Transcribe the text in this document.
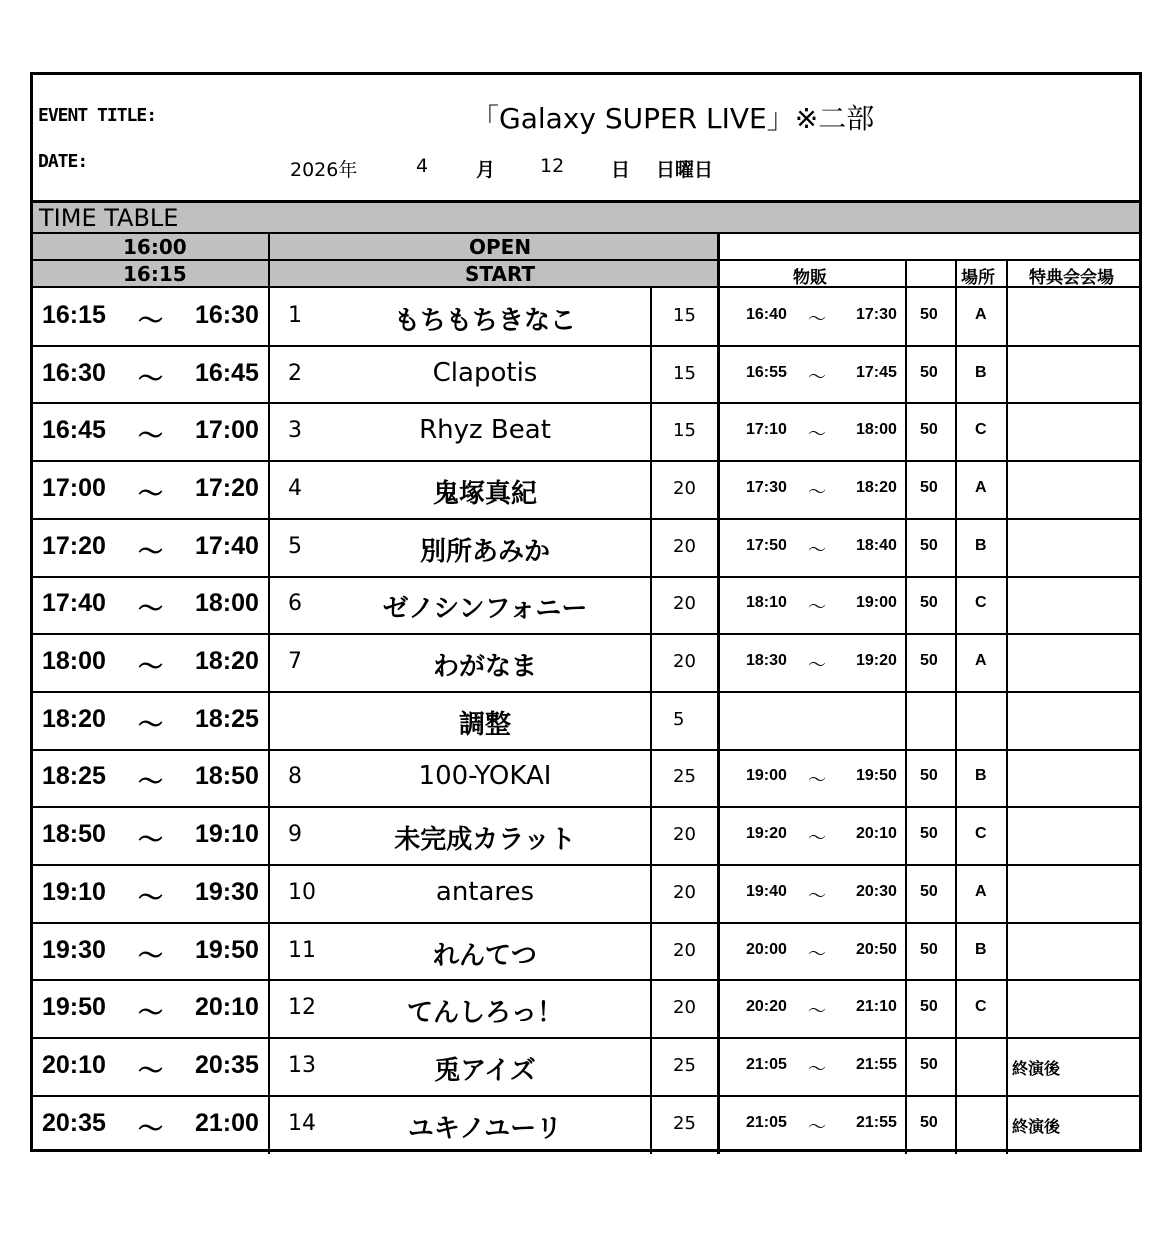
EVENT TITLE:	「Galaxy SUPER LIVE」※二部
DATE:	2026年	4	月 12 日 日曜日
TIME TABLE
16:00	OPEN
16:15	START	物販	場所 特典会会場
16:15 〜 16:30 1	もちもちきなこ	15	16:40 〜 17:30 50 A
16:30 〜 16:45 2	Clapotis	15	16:55 〜 17:45 50 B
16:45 〜 17:00 3	Rhyz Beat	15	17:10 〜 18:00 50 C
17:00 〜 17:20 4	鬼塚真紀	20	17:30 〜 18:20 50 A
17:20 〜 17:40 5	別所あみか	20	17:50 〜 18:40 50 B
17:40 〜 18:00 6	ゼノシンフォニー	20	18:10 〜 19:00 50 C
18:00 〜 18:20 7	わがなま	20	18:30 〜 19:20 50 A
18:20 〜 18:25	調整	5
18:25 〜 18:50 8	100-YOKAI	25	19:00 〜 19:50 50 B
18:50 〜 19:10 9	未完成カラット	20	19:20 〜 20:10 50 C
19:10 〜 19:30 10	antares	20	19:40 〜 20:30 50 A
19:30 〜 19:50 11	れんてつ	20	20:00 〜 20:50 50 B
19:50 〜 20:10 12	てんしろっ！	20	20:20 〜 21:10 50 C
20:10 〜 20:35 13	兎アイズ	25	21:05 〜 21:55 50	終演後
20:35 〜 21:00 14	ユキノユーリ	25	21:05 〜 21:55 50	終演後
